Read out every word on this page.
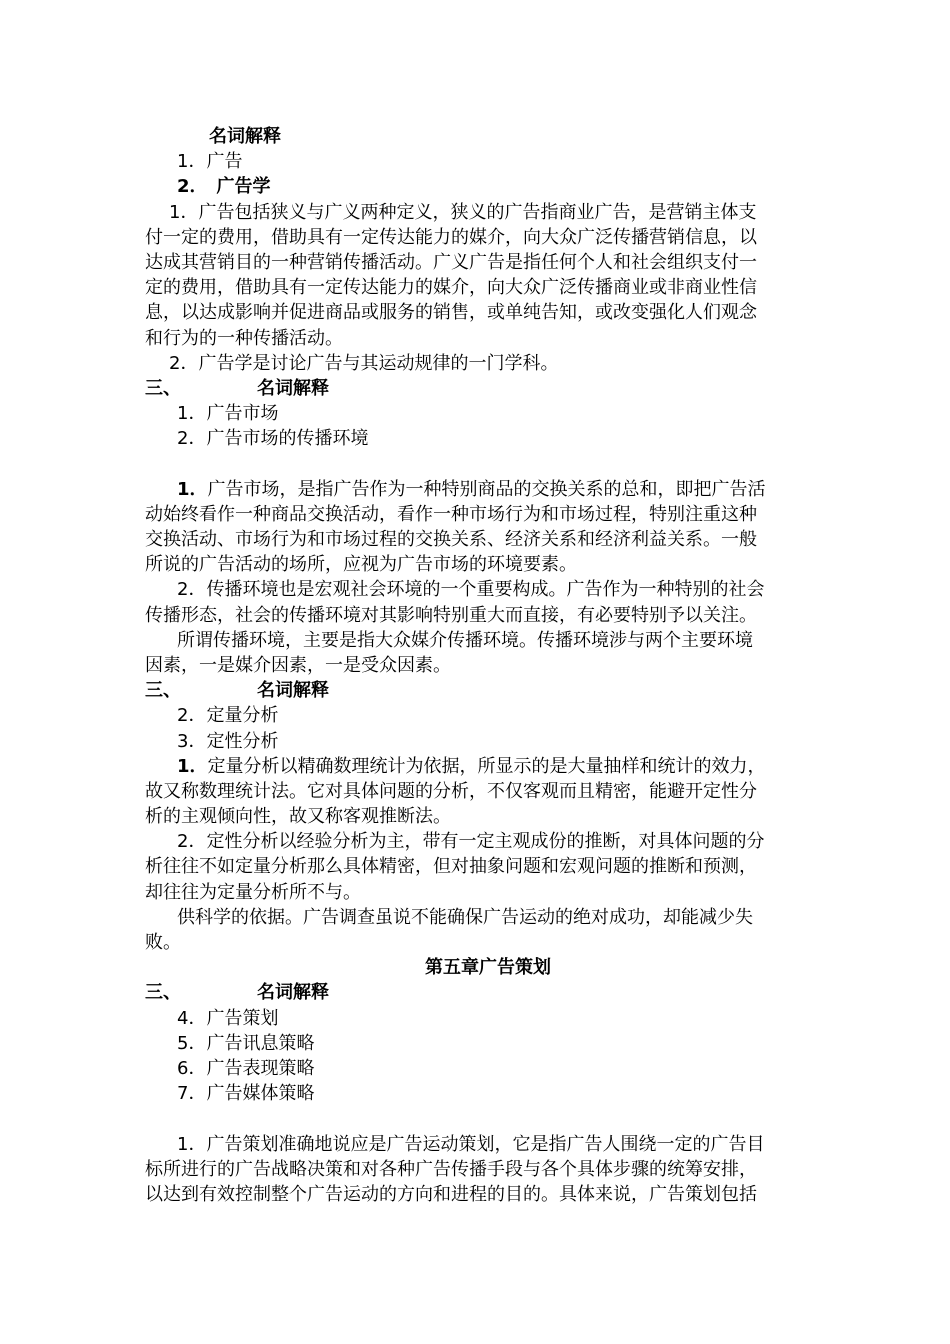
名词解释
1．广告
2．　广告学
1．广告包括狭义与广义两种定义，狭义的广告指商业广告，是营销主体支
付一定的费用，借助具有一定传达能力的媒介，向大众广泛传播营销信息，以
达成其营销目的一种营销传播活动。广义广告是指任何个人和社会组织支付一
定的费用，借助具有一定传达能力的媒介，向大众广泛传播商业或非商业性信
息，以达成影响并促进商品或服务的销售，或单纯告知，或改变强化人们观念
和行为的一种传播活动。
2．广告学是讨论广告与其运动规律的一门学科。
三、	名词解释
1．广告市场
2．广告市场的传播环境
1．广告市场，是指广告作为一种特别商品的交换关系的总和，即把广告活
动始终看作一种商品交换活动，看作一种市场行为和市场过程，特别注重这种
交换活动、市场行为和市场过程的交换关系、经济关系和经济利益关系。一般
所说的广告活动的场所，应视为广告市场的环境要素。
2．传播环境也是宏观社会环境的一个重要构成。广告作为一种特别的社会
传播形态，社会的传播环境对其影响特别重大而直接，有必要特别予以关注。
所谓传播环境，主要是指大众媒介传播环境。传播环境涉与两个主要环境
因素，一是媒介因素，一是受众因素。
三、	名词解释
2．定量分析
3．定性分析
1．定量分析以精确数理统计为依据，所显示的是大量抽样和统计的效力，
故又称数理统计法。它对具体问题的分析，不仅客观而且精密，能避开定性分
析的主观倾向性，故又称客观推断法。
2．定性分析以经验分析为主，带有一定主观成份的推断，对具体问题的分
析往往不如定量分析那么具体精密，但对抽象问题和宏观问题的推断和预测，
却往往为定量分析所不与。
供科学的依据。广告调查虽说不能确保广告运动的绝对成功，却能减少失
败。
第五章广告策划
三、	名词解释
4．广告策划
5．广告讯息策略
6．广告表现策略
7．广告媒体策略
1．广告策划准确地说应是广告运动策划，它是指广告人围绕一定的广告目
标所进行的广告战略决策和对各种广告传播手段与各个具体步骤的统筹安排，
以达到有效控制整个广告运动的方向和进程的目的。具体来说，广告策划包括
